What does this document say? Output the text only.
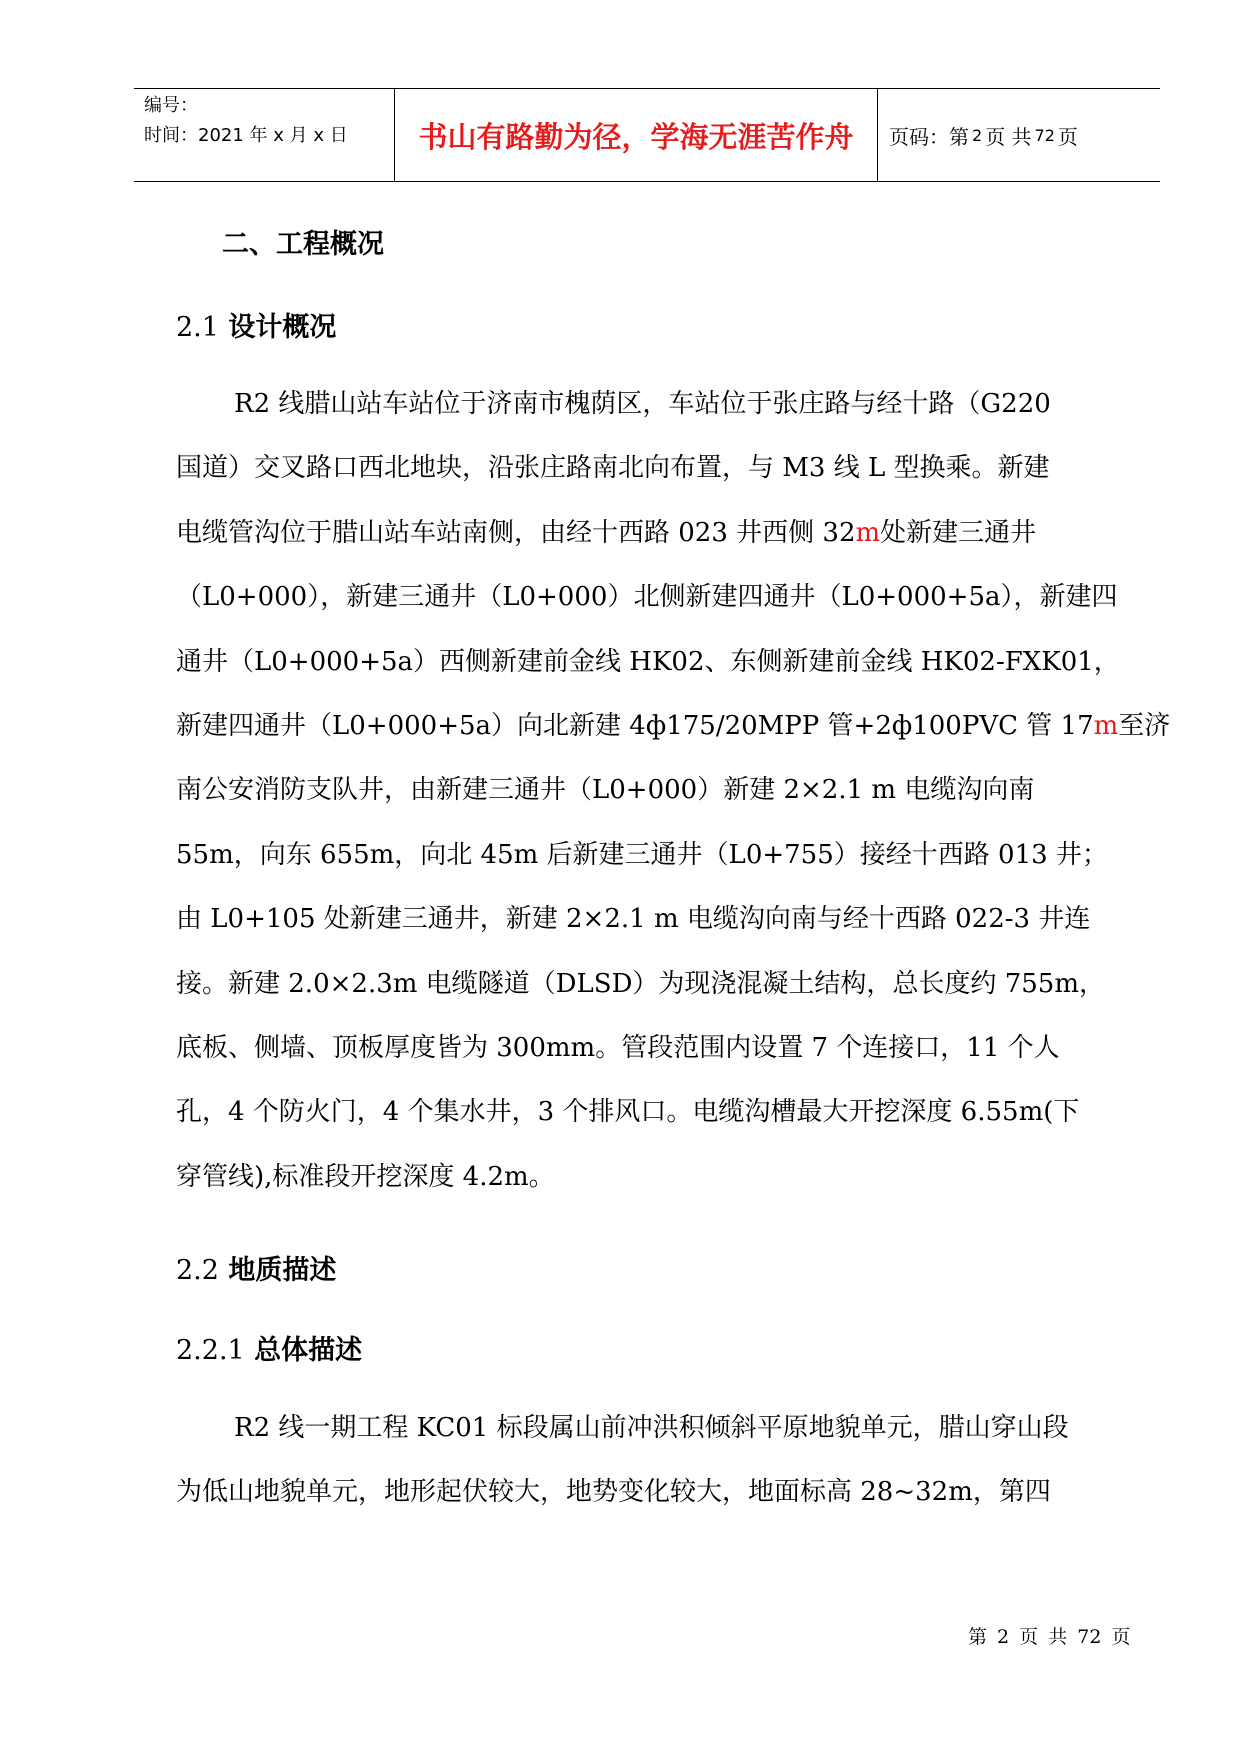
编号：
时间：2021 年 x 月 x 日	书山有路勤为径，学海无涯苦作舟	页码：第 2 页 共 72 页
二、工程概况
2.1 设计概况
R2 线腊山站车站位于济南市槐荫区，车站位于张庄路与经十路（G220
国道）交叉路口西北地块，沿张庄路南北向布置，与 M3 线 L 型换乘。新建
电缆管沟位于腊山站车站南侧，由经十西路 023 井西侧 32m处新建三通井
（L0+000），新建三通井（L0+000）北侧新建四通井（L0+000+5a），新建四
通井（L0+000+5a）西侧新建前金线 HK02、东侧新建前金线 HK02-FXK01，
新建四通井（L0+000+5a）向北新建 4ф175/20MPP 管+2ф100PVC 管 17m至济
南公安消防支队井，由新建三通井（L0+000）新建 2×2.1 m 电缆沟向南
55m，向东 655m，向北 45m 后新建三通井（L0+755）接经十西路 013 井；
由 L0+105 处新建三通井，新建 2×2.1 m 电缆沟向南与经十西路 022-3 井连
接。新建 2.0×2.3m 电缆隧道（DLSD）为现浇混凝土结构，总长度约 755m，
底板、侧墙、顶板厚度皆为 300mm。管段范围内设置 7 个连接口，11 个人
孔，4 个防火门，4 个集水井，3 个排风口。电缆沟槽最大开挖深度 6.55m(下
穿管线),标准段开挖深度 4.2m。
2.2 地质描述
2.2.1 总体描述
R2 线一期工程 KC01 标段属山前冲洪积倾斜平原地貌单元，腊山穿山段
为低山地貌单元，地形起伏较大，地势变化较大，地面标高 28~32m，第四
第 2 页 共 72 页
